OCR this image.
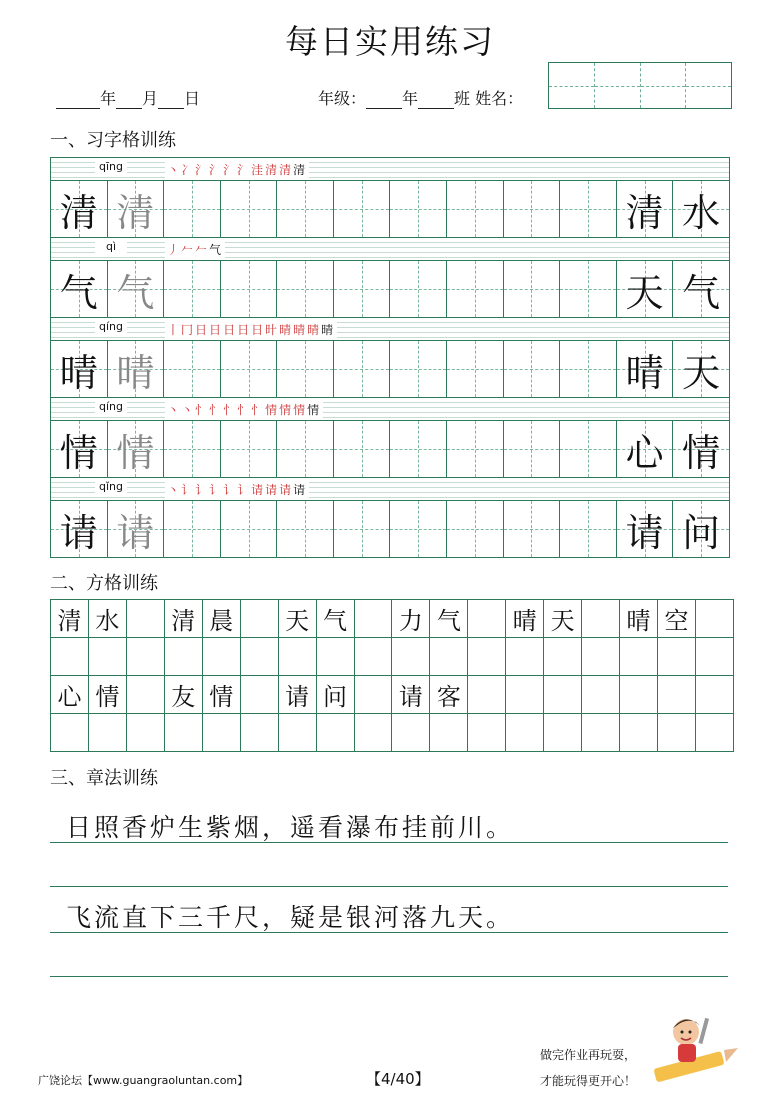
每日实用练习
年 月 日	年级： 年 班 姓名：
一、习字格训练
qīng	丶冫氵氵氵氵洼清清清
清 清	清 水
qì	丿𠂉𠂉气
气 气	天 气
qíng	丨冂日日日日日旪晴晴晴晴
晴 晴	晴 天
qíng	丶丶忄忄忄忄忄情情情情
情 情	心 情
qǐng	丶讠讠讠讠讠请请请请
请 请	请 问
二、方格训练
清 水	清 晨	天 气	力 气	晴 天	晴 空
心 情	友 情	请 问	请 客
三、章法训练
日照香炉生紫烟，遥看瀑布挂前川。
飞流直下三千尺，疑是银河落九天。
广饶论坛【www.guangraoluntan.com】	【4/40】
做完作业再玩耍，
才能玩得更开心！
